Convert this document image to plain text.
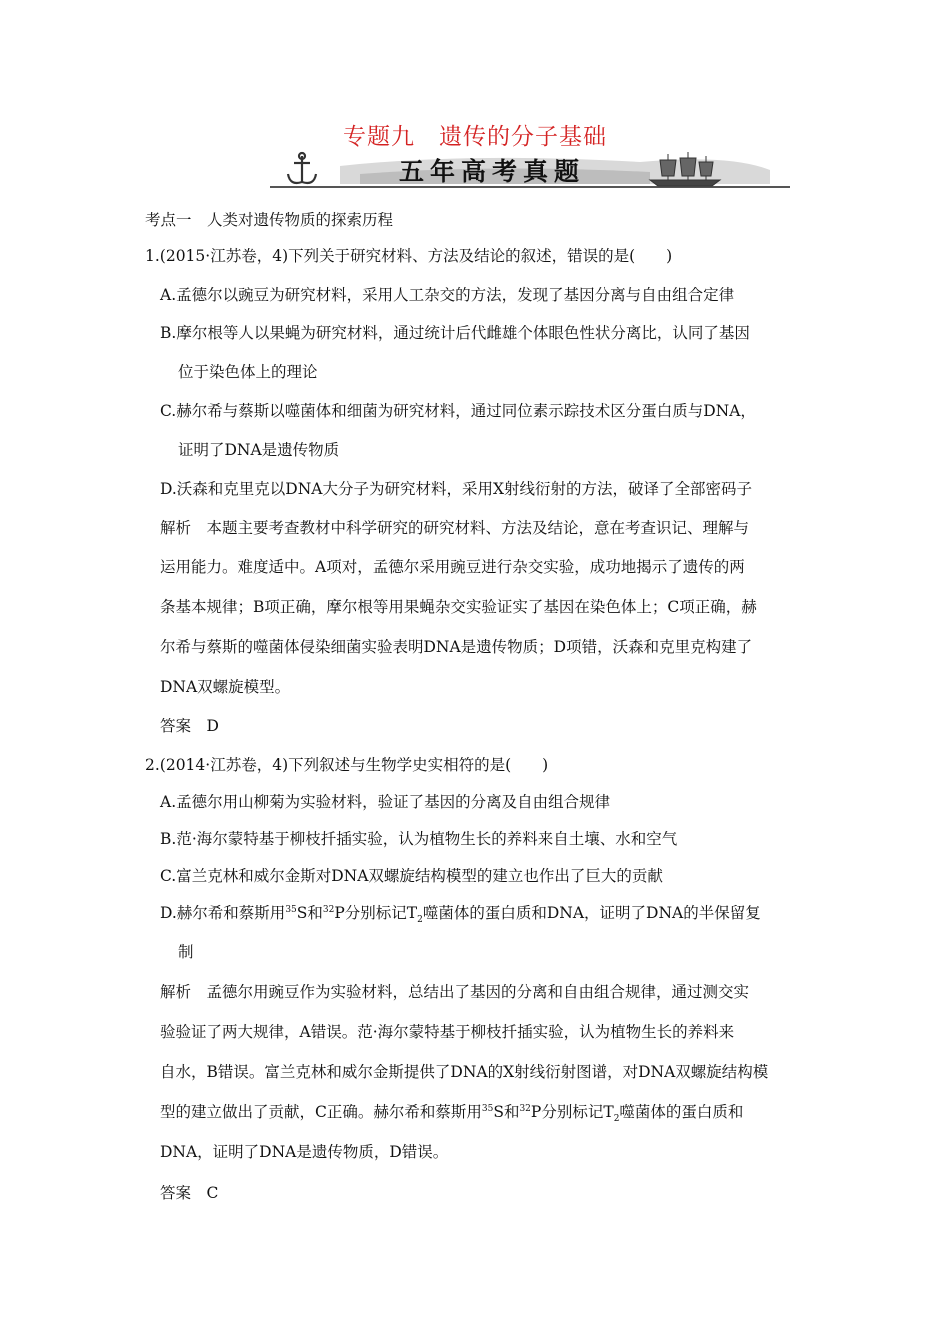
专题九　遗传的分子基础
五年高考真题
考点一　人类对遗传物质的探索历程
1.(2015·江苏卷，4)下列关于研究材料、方法及结论的叙述，错误的是(　　)
A.孟德尔以豌豆为研究材料，采用人工杂交的方法，发现了基因分离与自由组合定律
B.摩尔根等人以果蝇为研究材料，通过统计后代雌雄个体眼色性状分离比，认同了基因
位于染色体上的理论
C.赫尔希与蔡斯以噬菌体和细菌为研究材料，通过同位素示踪技术区分蛋白质与DNA，
证明了DNA是遗传物质
D.沃森和克里克以DNA大分子为研究材料，采用X射线衍射的方法，破译了全部密码子
解析　本题主要考查教材中科学研究的研究材料、方法及结论，意在考查识记、理解与
运用能力。难度适中。A项对，孟德尔采用豌豆进行杂交实验，成功地揭示了遗传的两
条基本规律；B项正确，摩尔根等用果蝇杂交实验证实了基因在染色体上；C项正确，赫
尔希与蔡斯的噬菌体侵染细菌实验表明DNA是遗传物质；D项错，沃森和克里克构建了
DNA双螺旋模型。
答案　D
2.(2014·江苏卷，4)下列叙述与生物学史实相符的是(　　)
A.孟德尔用山柳菊为实验材料，验证了基因的分离及自由组合规律
B.范·海尔蒙特基于柳枝扦插实验，认为植物生长的养料来自土壤、水和空气
C.富兰克林和威尔金斯对DNA双螺旋结构模型的建立也作出了巨大的贡献
D.赫尔希和蔡斯用$^{35}$S和$^{32}$P分别标记$T_2$噬菌体的蛋白质和DNA，证明了DNA的半保留复
制
解析　孟德尔用豌豆作为实验材料，总结出了基因的分离和自由组合规律，通过测交实
验验证了两大规律，A错误。范·海尔蒙特基于柳枝扦插实验，认为植物生长的养料来
自水，B错误。富兰克林和威尔金斯提供了DNA的X射线衍射图谱，对DNA双螺旋结构模
型的建立做出了贡献，C正确。赫尔希和蔡斯用$^{35}$S和$^{32}$P分别标记$T_2$噬菌体的蛋白质和
DNA，证明了DNA是遗传物质，D错误。
答案　C
